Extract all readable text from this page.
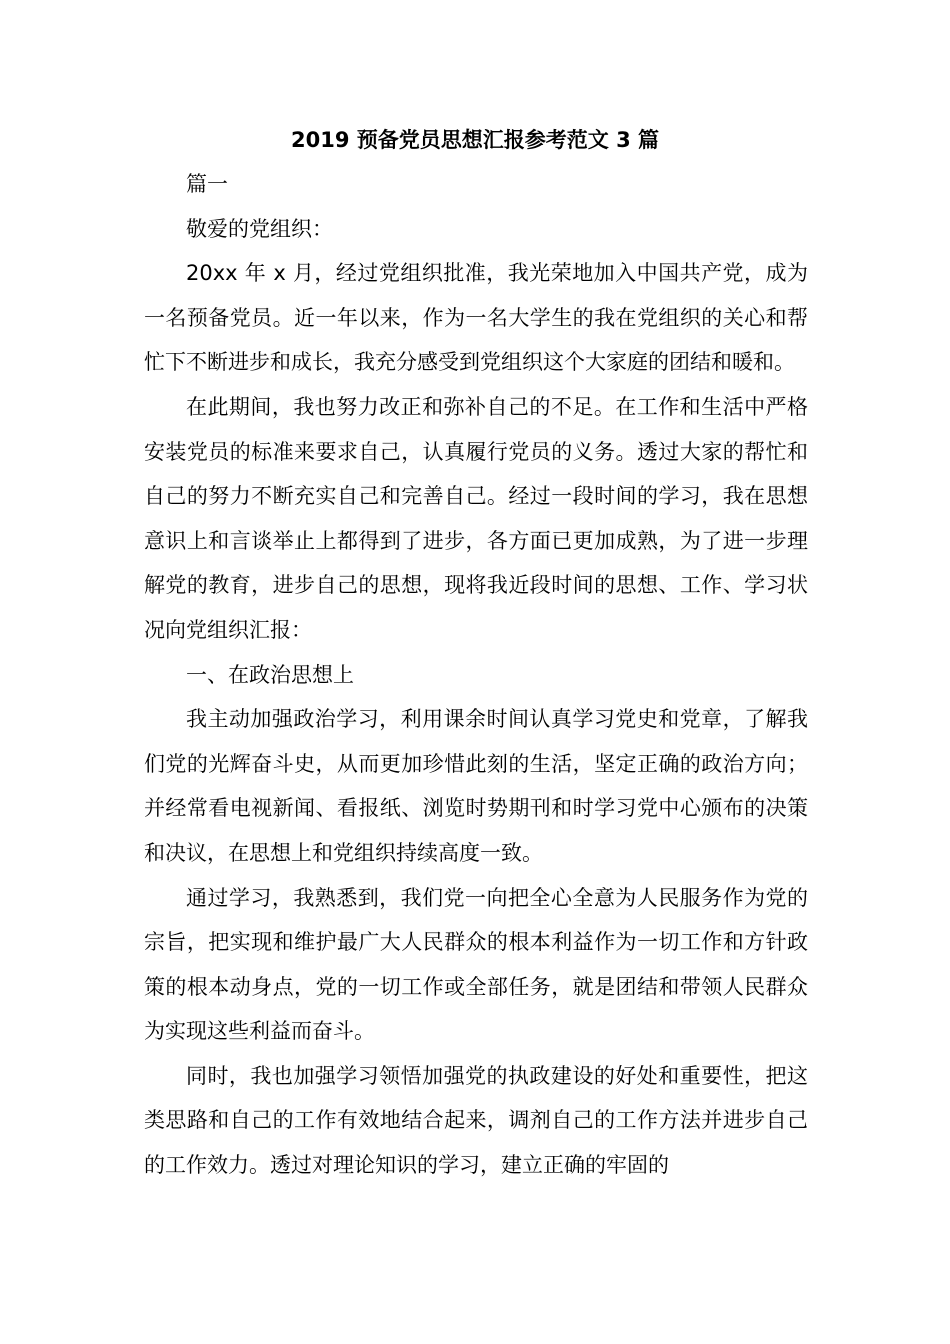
2019 预备党员思想汇报参考范文 3 篇

篇一

敬爱的党组织：

20xx 年 x 月，经过党组织批准，我光荣地加入中国共产党，成为一名预备党员。近一年以来，作为一名大学生的我在党组织的关心和帮忙下不断进步和成长，我充分感受到党组织这个大家庭的团结和暖和。

在此期间，我也努力改正和弥补自己的不足。在工作和生活中严格安装党员的标准来要求自己，认真履行党员的义务。透过大家的帮忙和自己的努力不断充实自己和完善自己。经过一段时间的学习，我在思想意识上和言谈举止上都得到了进步，各方面已更加成熟，为了进一步理解党的教育，进步自己的思想，现将我近段时间的思想、工作、学习状况向党组织汇报：

一、在政治思想上

我主动加强政治学习，利用课余时间认真学习党史和党章，了解我们党的光辉奋斗史，从而更加珍惜此刻的生活，坚定正确的政治方向；并经常看电视新闻、看报纸、浏览时势期刊和时学习党中心颁布的决策和决议，在思想上和党组织持续高度一致。

通过学习，我熟悉到，我们党一向把全心全意为人民服务作为党的宗旨，把实现和维护最广大人民群众的根本利益作为一切工作和方针政策的根本动身点，党的一切工作或全部任务，就是团结和带领人民群众为实现这些利益而奋斗。

同时，我也加强学习领悟加强党的执政建设的好处和重要性，把这类思路和自己的工作有效地结合起来，调剂自己的工作方法并进步自己的工作效力。透过对理论知识的学习，建立正确的牢固的
